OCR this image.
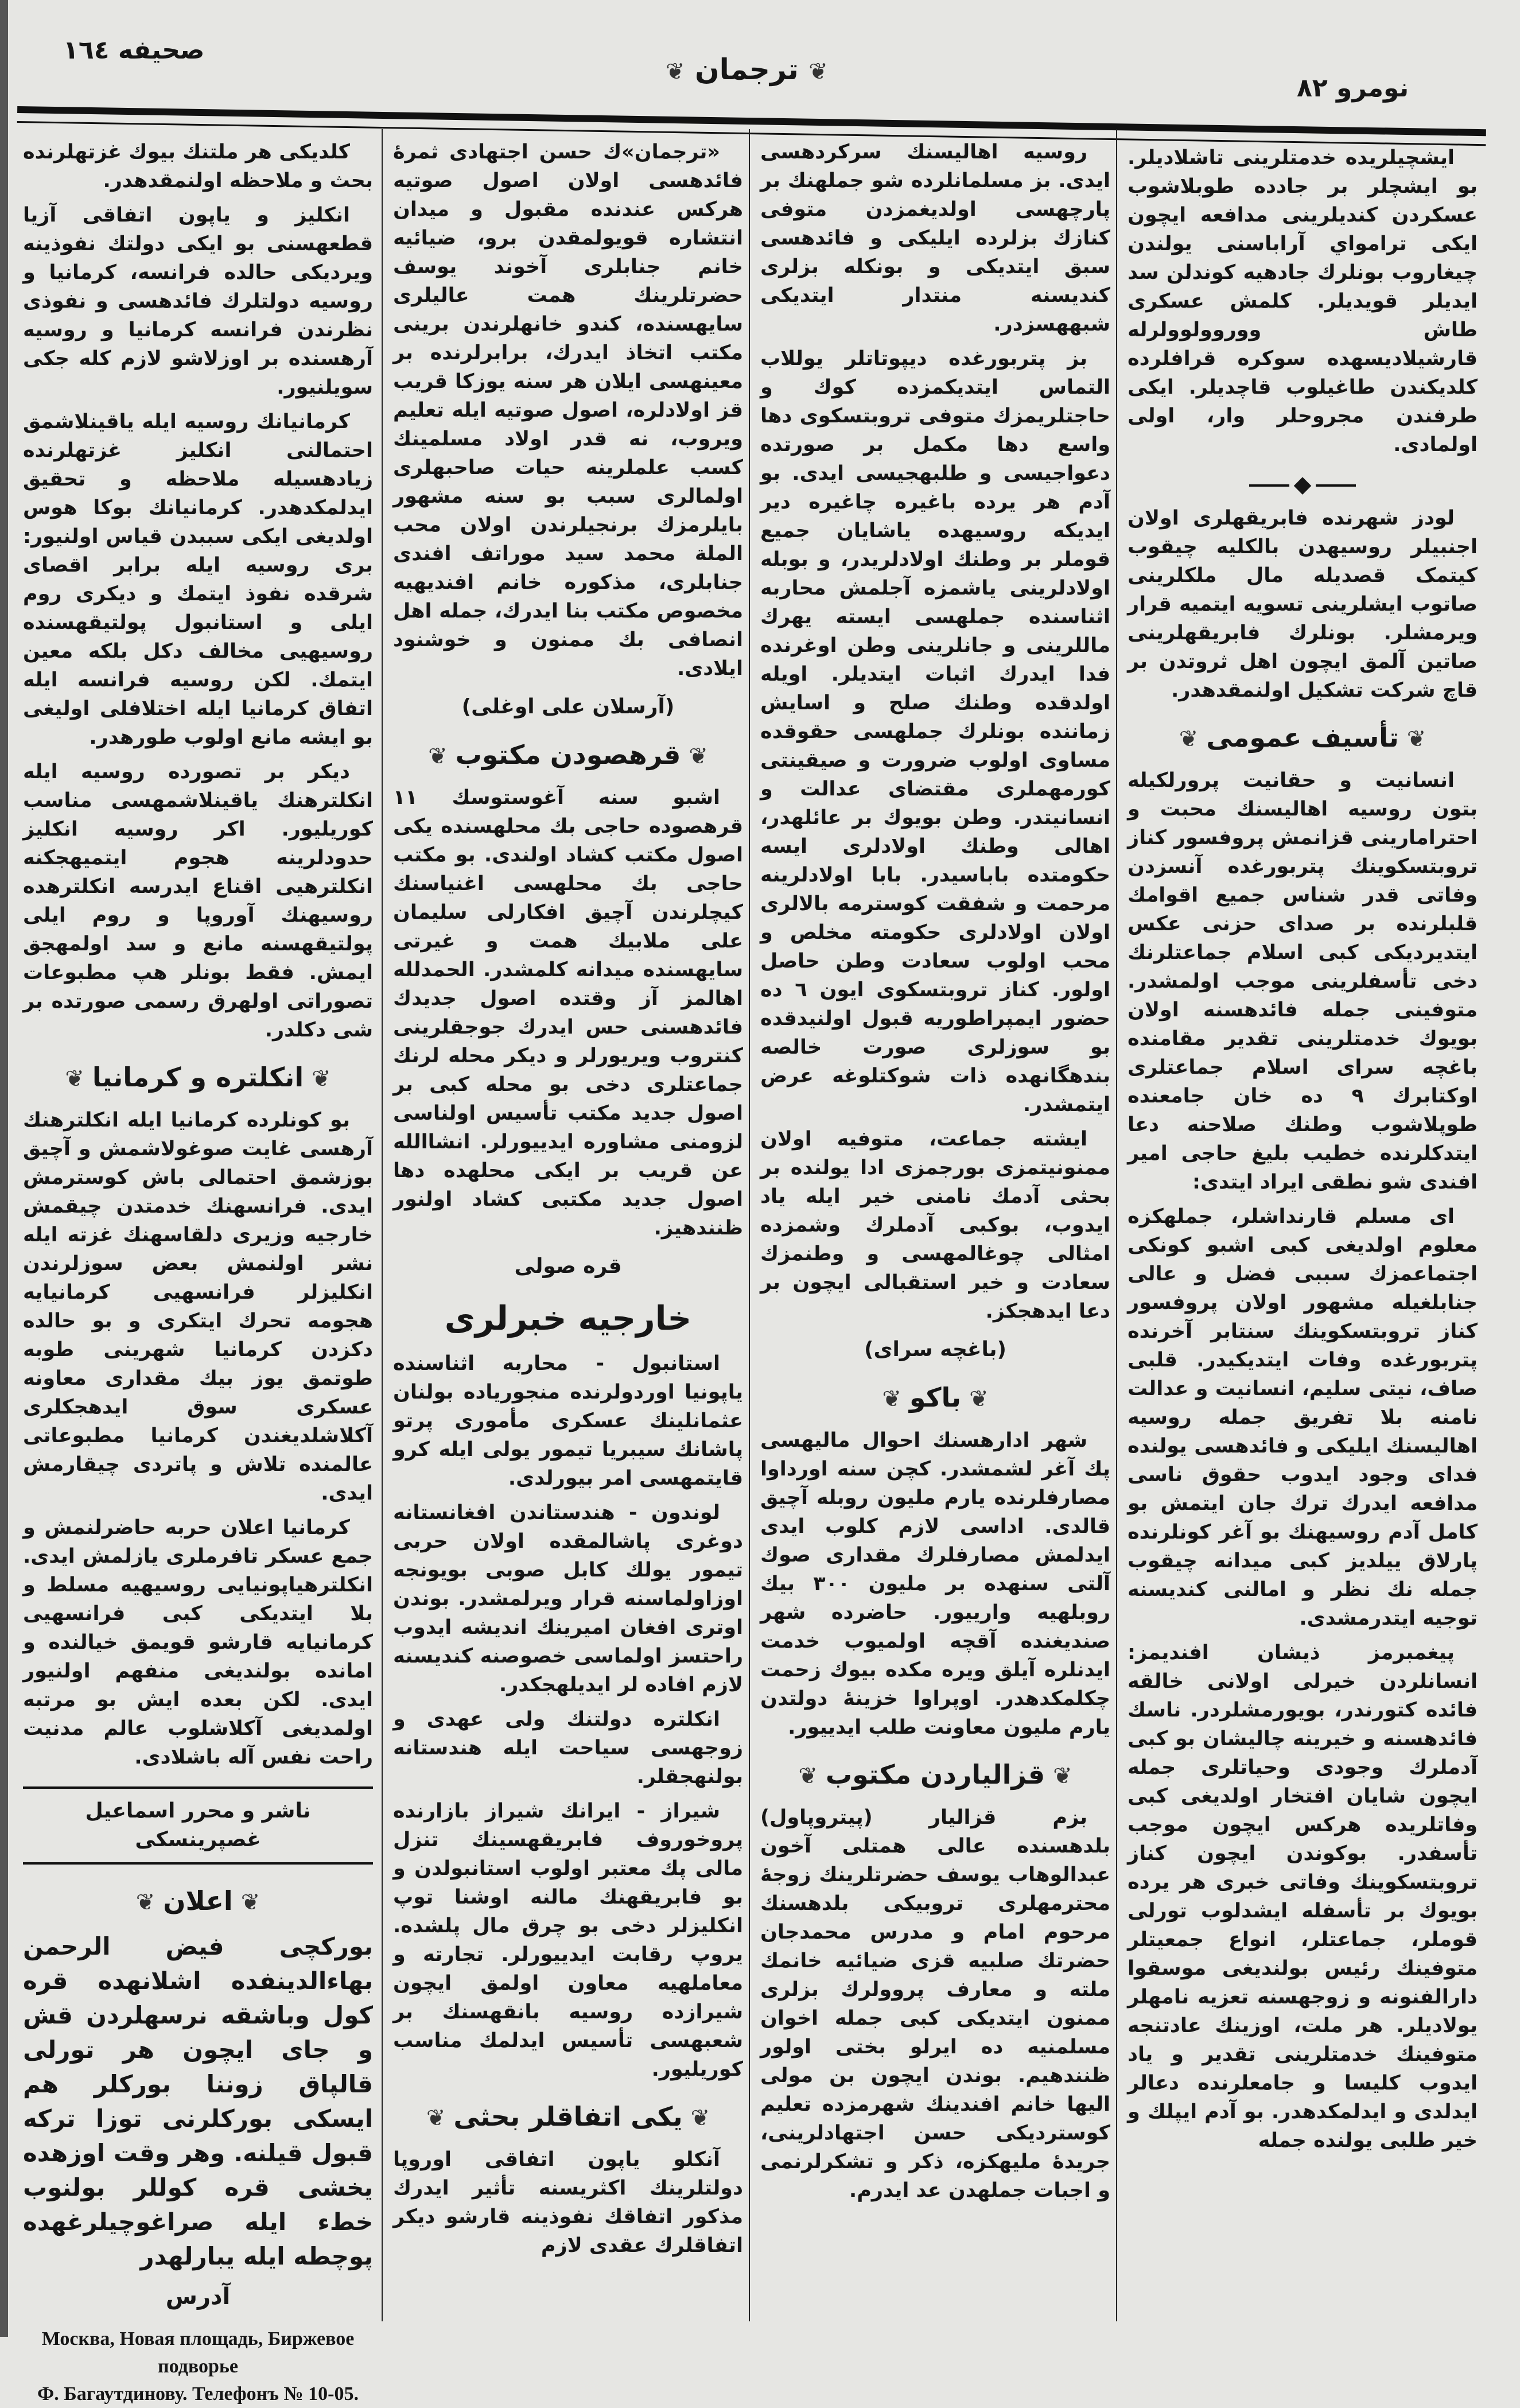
صحیفه ۱٦٤
❦ ترجمان ❦
نومرو ٨٢

ایشچیلریده خدمتلرینی تاشلادیلر. بو ایشچلر بر جادده طوبلاشوب عسکردن کندیلرینی مدافعه ایچون ایکی ترامواي آراباسنی یولندن چیغاروب بونلرك جادهیه کوندلن سد ایدیلر قویدیلر. کلمش عسکری طاش ووروولوولرله قارشیلادیسهده سوکره قرافلرده کلدیکندن طاغیلوب قاچدیلر. ایکی طرفندن مجروحلر وار، اولی اولمادی.

◆

لودز شهرنده فابریقهلری اولان اجنبیلر روسیهدن بالکلیه چیقوب کیتمک قصدیله مال ملکلرینی صاتوب ایشلرینی تسویه ایتمیه قرار ویرمشلر. بونلرك فابریقهلرینی صاتین آلمق ایچون اهل ثروتدن بر قاچ شرکت تشکیل اولنمقدهدر.

❦تأسیف عمومی❦

انسانیت و حقانیت پرورلکیله بتون روسیه اهالیسنك محبت و احترامارینی قزانمش پروفسور کناز تروبتسکوینك پتربورغده آنسزدن وفاتی قدر شناس جمیع اقوامك قلبلرنده بر صدای حزنی عکس ایتدیردیکی کبی اسلام جماعتلرنك دخی تأسفلرینی موجب اولمشدر. متوفینی جمله فائدهسنه اولان بویوك خدمتلرینی تقدیر مقامنده باغچه سرای اسلام جماعتلری اوکتابرك ۹ ده خان جامعنده طوپلاشوب وطنك صلاحنه دعا ایتدکلرنده خطیب بلیغ حاجی امیر افندی شو نطقی ایراد ایتدی:

ای مسلم قارنداشلر، جملهکزه معلوم اولدیغی کبی اشبو کونکی اجتماعمزك سببی فضل و عالی جنابلغیله مشهور اولان پروفسور کناز تروبتسکوینك سنتابر آخرنده پتربورغده وفات ایتدیکیدر. قلبی صاف، نیتی سلیم، انسانیت و عدالت نامنه بلا تفریق جمله روسیه اهالیسنك ایلیکی و فائدهسی یولنده فدای وجود ایدوب حقوق ناسی مدافعه ایدرك ترك جان ایتمش بو کامل آدم روسیهنك بو آغر کونلرنده پارلاق ییلدیز کبی میدانه چیقوب جمله نك نظر و امالنی کندیسنه توجیه ایتدرمشدی.

پیغمبرمز ذیشان افندیمز: انسانلردن خیرلی اولانی خالقه فائده کتورندر، بویورمشلردر. ناسك فائدهسنه و خیرینه چالیشان بو کبی آدملرك وجودی وحیاتلری جمله ایچون شایان افتخار اولدیغی کبی وفاتلریده هرکس ایچون موجب تأسفدر. بوکوندن ایچون کناز تروبتسکوینك وفاتی خبری هر یرده بویوك بر تأسفله ایشدلوب تورلی قوملر، جماعتلر، انواع جمعیتلر متوفینك رئیس بولندیغی موسقوا دارالفنونه و زوجهسنه تعزیه نامهلر یولادیلر. هر ملت، اوزینك عادتنجه متوفینك خدمتلرینی تقدیر و یاد ایدوب کلیسا و جامعلرنده دعالر ایدلدی و ایدلمکدهدر. بو آدم ایپلك و خیر طلبی یولنده جمله

روسیه اهالیسنك سرکردهسی ایدی. بز مسلمانلرده شو جملهنك بر پارچهسی اولدیغمزدن متوفی کنازك بزلرده ایلیکی و فائدهسی سبق ایتدیکی و بونکله بزلری کندیسنه منتدار ایتدیکی شبههسزدر.

بز پتربورغده دیپوتاتلر یوللاب التماس ایتدیکمزده کوك و حاجتلریمزك متوفی تروبتسکوی دها واسع دها مکمل بر صورتده دعواجیسی و طلبهجیسی ایدی. بو آدم هر یرده باغیره چاغیره دیر ایدیکه روسیهده یاشایان جمیع قوملر بر وطنك اولادلریدر، و بوبله اولادلرینی یاشمزه آجلمش محاربه اثناسنده جملهسی ایسته یهرك ماللرینی و جانلرینی وطن اوغرنده فدا ایدرك اثبات ایتدیلر. اویله اولدقده وطنك صلح و اسایش زماننده بونلرك جملهسی حقوقده مساوی اولوب ضرورت و صیقینتی کورمهملری مقتضای عدالت و انسانیتدر. وطن بویوك بر عائلهدر، اهالی وطنك اولادلری ایسه حکومتده باباسیدر. بابا اولادلرینه مرحمت و شفقت کوسترمه بالالری اولان اولادلری حکومته مخلص و محب اولوب سعادت وطن حاصل اولور. کناز تروبتسکوی ایون ٦ ده حضور ایمپراطوریه قبول اولنیدقده بو سوزلری صورت خالصه بندهگانهده ذات شوکتلوغه عرض ایتمشدر.

ایشته جماعت، متوفیه اولان ممنونیتمزی بورجمزی ادا یولنده بر بحثی آدمك نامنی خیر ایله یاد ایدوب، بوکبی آدملرك وشمزده امثالی چوغالمهسی و وطنمزك سعادت و خیر استقبالی ایچون بر دعا ایدهجکز.

(باغچه سرای)
❦باکو❦

شهر ادارهسنك احوال مالیهسی پك آغر لشمشدر. کچن سنه اورداوا مصارفلرنده یارم ملیون روبله آچیق قالدی. اداسی لازم کلوب ایدی ایدلمش مصارفلرك مقداری صوك آلتی سنهده بر ملیون ۳۰۰ بیك روبلهیه وارییور. حاضرده شهر صندیغنده آقچه اولمیوب خدمت ایدنلره آیلق ویره مکده بیوك زحمت چکلمکدهدر. اوپراوا خزینهٔ دولتدن یارم ملیون معاونت طلب ایدییور.

❦قزالياردن مکتوب❦

بزم قزالیار (پیتروپاول) بلدهسنده عالی همتلی آخون عبدالوهاب یوسف حضرتلرینك زوجهٔ محترمهلری تروبیکی بلدهسنك مرحوم امام و مدرس محمدجان حضرتك صلبیه قزی ضیائیه خانمك ملته و معارف پروولرك بزلری ممنون ایتدیکی کبی جمله اخوان مسلمنیه ده ایرلو بختی اولور ظنندهیم. بوندن ایچون بن مولی الیها خانم افندینك شهرمزده تعلیم کوستردیکی حسن اجتهادلرینی، جریدهٔ ملیهکزه، ذکر و تشکرلرنمی و اجبات جملهدن عد ایدرم.

«ترجمان»ك حسن اجتهادی ثمرهٔ فائدهسی اولان اصول صوتیه هرکس عندنده مقبول و میدان انتشاره قویولمقدن برو، ضیائیه خانم جنابلری آخوند یوسف حضرتلرینك همت عالیلری سایهسنده، کندو خانهلرندن برینی مکتب اتخاذ ایدرك، برابرلرنده بر معینهسی ایلان هر سنه یوزکا قریب قز اولادلره، اصول صوتیه ایله تعلیم ویروب، نه قدر اولاد مسلمینك کسب علملرینه حیات صاحبهلری اولمالری سبب بو سنه مشهور بایلرمزك برنجیلرندن اولان محب الملة محمد سید موراتف افندی جنابلری، مذکوره خانم افندیهیه مخصوص مکتب بنا ایدرك، جمله اهل انصافی بك ممنون و خوشنود ایلادی.

(آرسلان علی اوغلی)
❦قرهصودن مکتوب❦

اشبو سنه آغوستوسك ۱۱ قرهصوده حاجی بك محلهسنده یکی اصول مکتب کشاد اولندی. بو مکتب حاجی بك محلهسی اغنیاسنك کیچلرندن آچیق افکارلی سلیمان علی ملابیك همت و غیرتی سایهسنده میدانه کلمشدر. الحمدلله اهالمز آز وقتده اصول جدیدك فائدهسنی حس ایدرك جوجقلرینی کنتروب ویریورلر و دیکر محله لرنك جماعتلری دخی بو محله کبی بر اصول جدید مکتب تأسیس اولناسی لزومنی مشاوره ایدییورلر. انشاالله عن قریب بر ایکی محلهده دها اصول جدید مکتبی کشاد اولنور ظنندهیز.

قره صولی
خارجیه خبرلری

استانبول - محاربه اثناسنده یاپونیا اوردولرنده منجوریاده بولنان عثمانلینك عسکری مأموری پرتو پاشانك سیبریا تیمور یولی ایله کرو قایتمهسی امر بیورلدی.

لوندون - هندستاندن افغانستانه دوغری پاشالمقده اولان حربی تیمور یولك کابل صوبی بویونجه اوزاولماسنه قرار ویرلمشدر. بوندن اوتری افغان امیرینك اندیشه ایدوب راحتسز اولماسی خصوصنه کندیسنه لازم افاده لر ایدیلهجکدر.

انکلتره دولتنك ولی عهدی و زوجهسی سیاحت ایله هندستانه بولنهجقلر.

شیراز - ایرانك شیراز بازارنده پروخوروف فابریقهسینك تنزل مالی پك معتبر اولوب استانبولدن و بو فابریقهنك مالنه اوشنا توپ انکلیزلر دخی بو چرق مال پلشده. یروپ رقابت ایدییورلر. تجارته و معاملهیه معاون اولمق ایچون شیرازده روسیه بانقهسنك بر شعبهسی تأسیس ایدلمك مناسب کوریلیور.

❦یکی اتفاقلر بحثی❦

آنکلو یاپون اتفاقی اوروپا دولتلرینك اکثریسنه تأثیر ایدرك مذکور اتفاقك نفوذینه قارشو دیکر اتفاقلرك عقدی لازم

کلدیکی هر ملتنك بیوك غزتهلرنده بحث و ملاحظه اولنمقدهدر.

انکلیز و یاپون اتفاقی آزیا قطعهسنی بو ایکی دولتك نفوذینه ویردیکی حالده فرانسه، کرمانیا و روسیه دولتلرك فائدهسی و نفوذی نظرندن فرانسه کرمانیا و روسیه آرهسنده بر اوزلاشو لازم کله جکی سویلنیور.

کرمانیانك روسیه ایله یاقینلاشمق احتمالنی انکلیز غزتهلرنده زیادهسیله ملاحظه و تحقیق ایدلمکدهدر. کرمانیانك بوکا هوس اولدیغی ایکی سببدن قیاس اولنیور: بری روسیه ایله برابر اقصای شرقده نفوذ ایتمك و دیکری روم ایلی و استانبول پولتیقهسنده روسیهیی مخالف دکل بلکه معین ایتمك. لکن روسیه فرانسه ایله اتفاق کرمانیا ایله اختلافلی اولیغی بو ایشه مانع اولوب طورهدر.

دیکر بر تصورده روسیه ایله انکلترهنك یاقینلاشمهسی مناسب کوریلیور. اکر روسیه انکلیز حدودلرینه هجوم ایتمیهجکنه انکلترهیی اقناع ایدرسه انکلترهده روسیهنك آوروپا و روم ایلی پولتیقهسنه مانع و سد اولمهجق ایمش. فقط بونلر هپ مطبوعات تصوراتی اولهرق رسمی صورتده بر شی دکلدر.

❦انکلتره و کرمانیا❦

بو کونلرده کرمانیا ایله انکلترهنك آرهسی غایت صوغولاشمش و آچیق بوزشمق احتمالی باش کوسترمش ایدی. فرانسهنك خدمتدن چیقمش خارجیه وزیری دلقاسهنك غزته ایله نشر اولنمش بعض سوزلرندن انکلیزلر فرانسهیی کرمانیایه هجومه تحرك ایتکری و بو حالده دکزدن کرمانیا شهرینی طوبه طوتمق یوز بیك مقداری معاونه عسکری سوق ایدهجکلری آکلاشلدیغندن کرمانیا مطبوعاتی عالمنده تلاش و پاتردی چیقارمش ایدی.

کرمانیا اعلان حربه حاضرلنمش و جمع عسکر تافرملری یازلمش ایدی. انکلترهیاپونیایی روسیهیه مسلط و بلا ایتدیکی کبی فرانسهیی کرمانیایه قارشو قویمق خیالنده و امانده بولندیغی منفهم اولنیور ایدی. لکن بعده ایش بو مرتبه اولمدیغی آکلاشلوب عالم مدنیت راحت نفس آله باشلادی.

ناشر و محرر اسماعیل غصپرینسکی
❦اعلان❦
بورکچی فیض الرحمن بهاءالدینفده اشلانهده قره کول وباشقه نرسهلردن قش و جای ایچون هر تورلی قالپاق زوننا بورکلر هم ایسکی بورکلرنی توزا ترکه قبول قیلنه. وهر وقت اوزهده یخشی قره کوللر بولنوب خطء ایله صراغوچیلرغهده پوچطه ایله یبارلهدر
آدرس
Москва, Новая площадь, Биржевое подворье
Ф. Багаутдинову. Телефонъ № 10-05.
